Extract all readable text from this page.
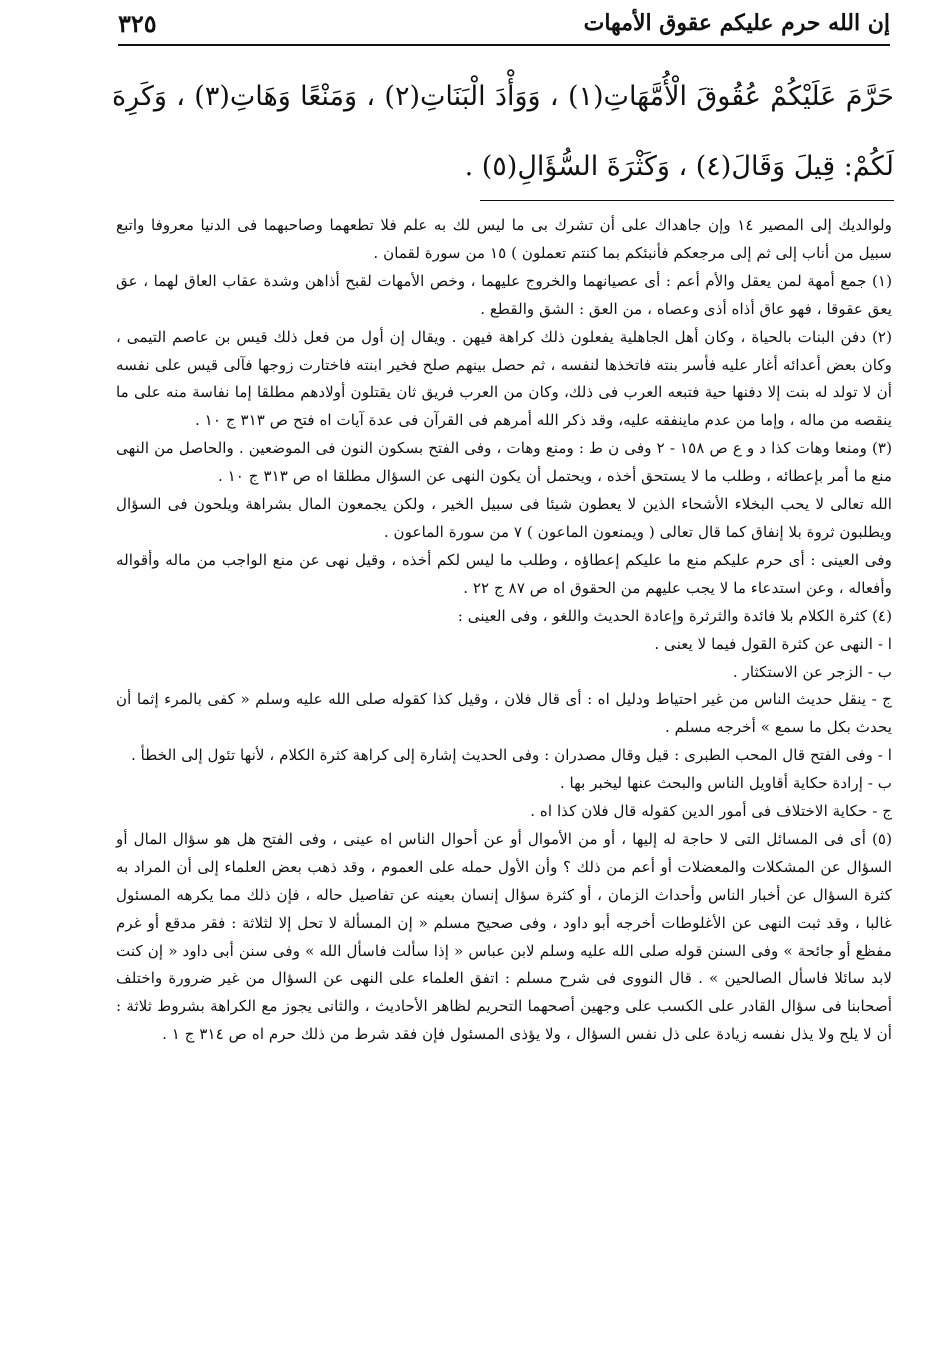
إن الله حرم عليكم عقوق الأمهات
٣٢٥
حَرَّمَ عَلَيْكُمْ عُقُوقَ الْأُمَّهَاتِ(١) ، وَوَأْدَ الْبَنَاتِ(٢) ، وَمَنْعًا وَهَاتِ(٣) ، وَكَرِهَ لَكُمْ: قِيلَ وَقَالَ(٤) ، وَكَثْرَةَ السُّؤَالِ(٥) .

ولوالديك إلى المصير ١٤ وإن جاهداك على أن تشرك بى ما ليس لك به علم فلا تطعهما وصاحبهما فى الدنيا معروفا واتبع سبيل من أناب إلى ثم إلى مرجعكم فأنبئكم بما كنتم تعملون ) ١٥ من سورة لقمان .

(١) جمع أمهة لمن يعقل والأم أعم : أى عصيانهما والخروج عليهما ، وخص الأمهات لقبح أذاهن وشدة عقاب العاق لهما ، عق يعق عقوقا ، فهو عاق أذاه أذى وعصاه ، من العق : الشق والقطع .

(٢) دفن البنات بالحياة ، وكان أهل الجاهلية يفعلون ذلك كراهة فيهن . ويقال إن أول من فعل ذلك قيس بن عاصم التيمى ، وكان بعض أعدائه أغار عليه فأسر بنته فاتخذها لنفسه ، ثم حصل بينهم صلح فخير ابنته فاختارت زوجها فآلى قيس على نفسه أن لا تولد له بنت إلا دفنها حية فتبعه العرب فى ذلك، وكان من العرب فريق ثان يقتلون أولادهم مطلقا إما نفاسة منه على ما ينقصه من ماله ، وإما من عدم ماينفقه عليه، وقد ذكر الله أمرهم فى القرآن فى عدة آيات اه فتح ص ٣١٣ ج ١٠ .

(٣) ومنعا وهات كذا د و ع ص ١٥٨ - ٢ وفى ن ط : ومنع وهات ، وفى الفتح بسكون النون فى الموضعين . والحاصل من النهى منع ما أمر بإعطائه ، وطلب ما لا يستحق أخذه ، ويحتمل أن يكون النهى عن السؤال مطلقا اه ص ٣١٣ ج ١٠ .

الله تعالى لا يحب البخلاء الأشحاء الذين لا يعطون شيئا فى سبيل الخير ، ولكن يجمعون المال بشراهة ويلحون فى السؤال ويطلبون ثروة بلا إنفاق كما قال تعالى ( ويمنعون الماعون ) ٧ من سورة الماعون .

وفى العينى : أى حرم عليكم منع ما عليكم إعطاؤه ، وطلب ما ليس لكم أخذه ، وقيل نهى عن منع الواجب من ماله وأقواله وأفعاله ، وعن استدعاء ما لا يجب عليهم من الحقوق اه ص ٨٧ ج ٢٢ .

(٤) كثرة الكلام بلا فائدة والثرثرة وإعادة الحديث واللغو ، وفى العينى :

ا - النهى عن كثرة القول فيما لا يعنى .

ب - الزجر عن الاستكثار .

ج - ينقل حديث الناس من غير احتياط ودليل اه : أى قال فلان ، وقيل كذا كقوله صلى الله عليه وسلم « كفى بالمرء إثما أن يحدث بكل ما سمع » أخرجه مسلم .

ا - وفى الفتح قال المحب الطبرى : قيل وقال مصدران : وفى الحديث إشارة إلى كراهة كثرة الكلام ، لأنها تئول إلى الخطأ .

ب - إرادة حكاية أقاويل الناس والبحث عنها ليخبر بها .

ج - حكاية الاختلاف فى أمور الدين كقوله قال فلان كذا اه .

(٥) أى فى المسائل التى لا حاجة له إليها ، أو من الأموال أو عن أحوال الناس اه عينى ، وفى الفتح هل هو سؤال المال أو السؤال عن المشكلات والمعضلات أو أعم من ذلك ؟ وأن الأول حمله على العموم ، وقد ذهب بعض العلماء إلى أن المراد به كثرة السؤال عن أخبار الناس وأحداث الزمان ، أو كثرة سؤال إنسان بعينه عن تفاصيل حاله ، فإن ذلك مما يكرهه المسئول غالبا ، وقد ثبت النهى عن الأغلوطات أخرجه أبو داود ، وفى صحيح مسلم « إن المسألة لا تحل إلا لثلاثة : فقر مدقع أو غرم مفظع أو جائحة » وفى السنن قوله صلى الله عليه وسلم لابن عباس « إذا سألت فاسأل الله » وفى سنن أبى داود « إن كنت لابد سائلا فاسأل الصالحين » . قال النووى فى شرح مسلم : اتفق العلماء على النهى عن السؤال من غير ضرورة واختلف أصحابنا فى سؤال القادر على الكسب على وجهين أصحهما التحريم لظاهر الأحاديث ، والثانى يجوز مع الكراهة بشروط ثلاثة : أن لا يلح ولا يذل نفسه زيادة على ذل نفس السؤال ، ولا يؤذى المسئول فإن فقد شرط من ذلك حرم اه ص ٣١٤ ج ١ .
